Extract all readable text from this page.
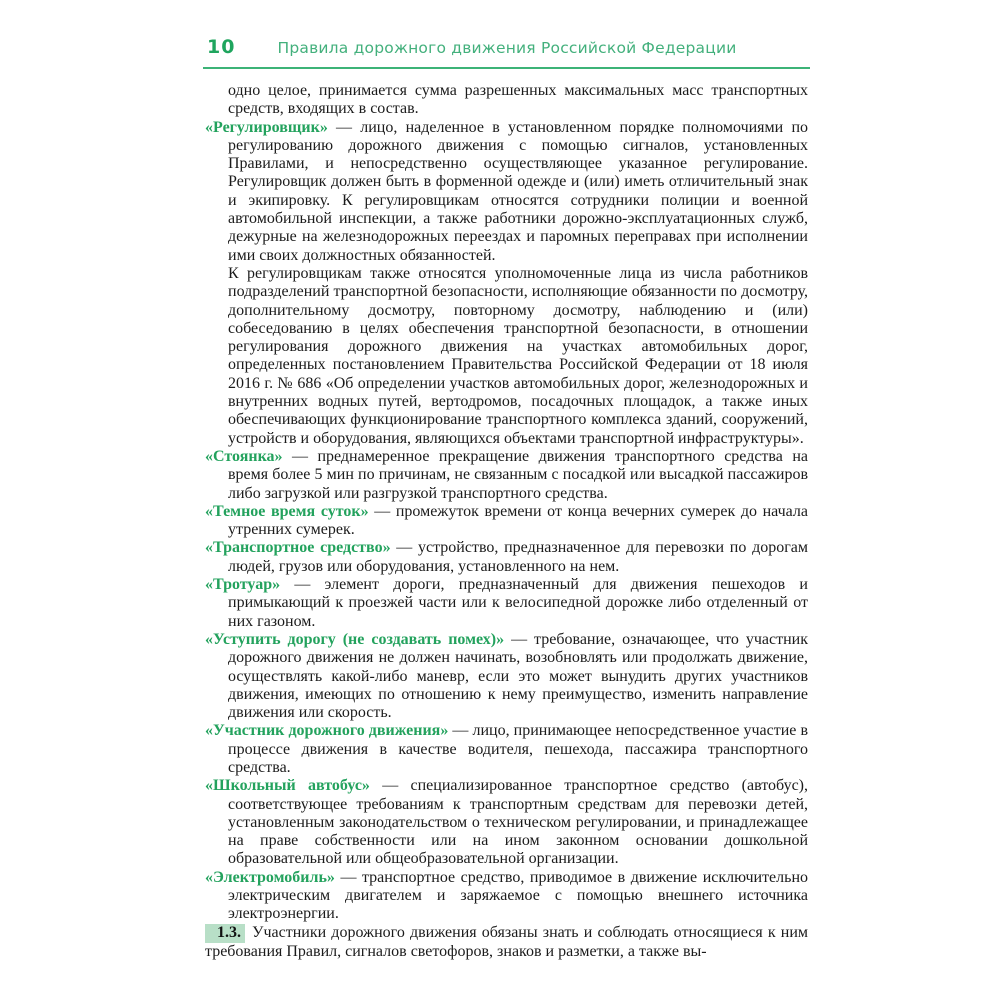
10	Правила дорожного движения Российской Федерации

одно целое, принимается сумма разрешенных максимальных масс транспортных средств, входящих в состав.

«Регулировщик» — лицо, наделенное в установленном порядке полномочиями по регулированию дорожного движения с помощью сигналов, установленных Правилами, и непосредственно осуществляющее указанное регулирование. Регулировщик должен быть в форменной одежде и (или) иметь отличительный знак и экипировку. К регулировщикам относятся сотрудники полиции и военной автомобильной инспекции, а также работники дорожно-эксплуатационных служб, дежурные на железнодорожных переездах и паромных переправах при исполнении ими своих должностных обязанностей.

К регулировщикам также относятся уполномоченные лица из числа работников подразделений транспортной безопасности, исполняющие обязанности по досмотру, дополнительному досмотру, повторному досмотру, наблюдению и (или) собеседованию в целях обеспечения транспортной безопасности, в отношении регулирования дорожного движения на участках автомобильных дорог, определенных постановлением Правительства Российской Федерации от 18 июля 2016 г. № 686 «Об определении участков автомобильных дорог, железнодорожных и внутренних водных путей, вертодромов, посадочных площадок, а также иных обеспечивающих функционирование транспортного комплекса зданий, сооружений, устройств и оборудования, являющихся объектами транспортной инфраструктуры».

«Стоянка» — преднамеренное прекращение движения транспортного средства на время более 5 мин по причинам, не связанным с посадкой или высадкой пассажиров либо загрузкой или разгрузкой транспортного средства.

«Темное время суток» — промежуток времени от конца вечерних сумерек до начала утренних сумерек.

«Транспортное средство» — устройство, предназначенное для перевозки по дорогам людей, грузов или оборудования, установленного на нем.

«Тротуар» — элемент дороги, предназначенный для движения пешеходов и примыкающий к проезжей части или к велосипедной дорожке либо отделенный от них газоном.

«Уступить дорогу (не создавать помех)» — требование, означающее, что участник дорожного движения не должен начинать, возобновлять или продолжать движение, осуществлять какой-либо маневр, если это может вынудить других участников движения, имеющих по отношению к нему преимущество, изменить направление движения или скорость.

«Участник дорожного движения» — лицо, принимающее непосредственное участие в процессе движения в качестве водителя, пешехода, пассажира транспортного средства.

«Школьный автобус» — специализированное транспортное средство (автобус), соответствующее требованиям к транспортным средствам для перевозки детей, установленным законодательством о техническом регулировании, и принадлежащее на праве собственности или на ином законном основании дошкольной образовательной или общеобразовательной организации.

«Электромобиль» — транспортное средство, приводимое в движение исключительно электрическим двигателем и заряжаемое с помощью внешнего источника электроэнергии.

1.3. Участники дорожного движения обязаны знать и соблюдать относящиеся к ним требования Правил, сигналов светофоров, знаков и разметки, а также вы-
